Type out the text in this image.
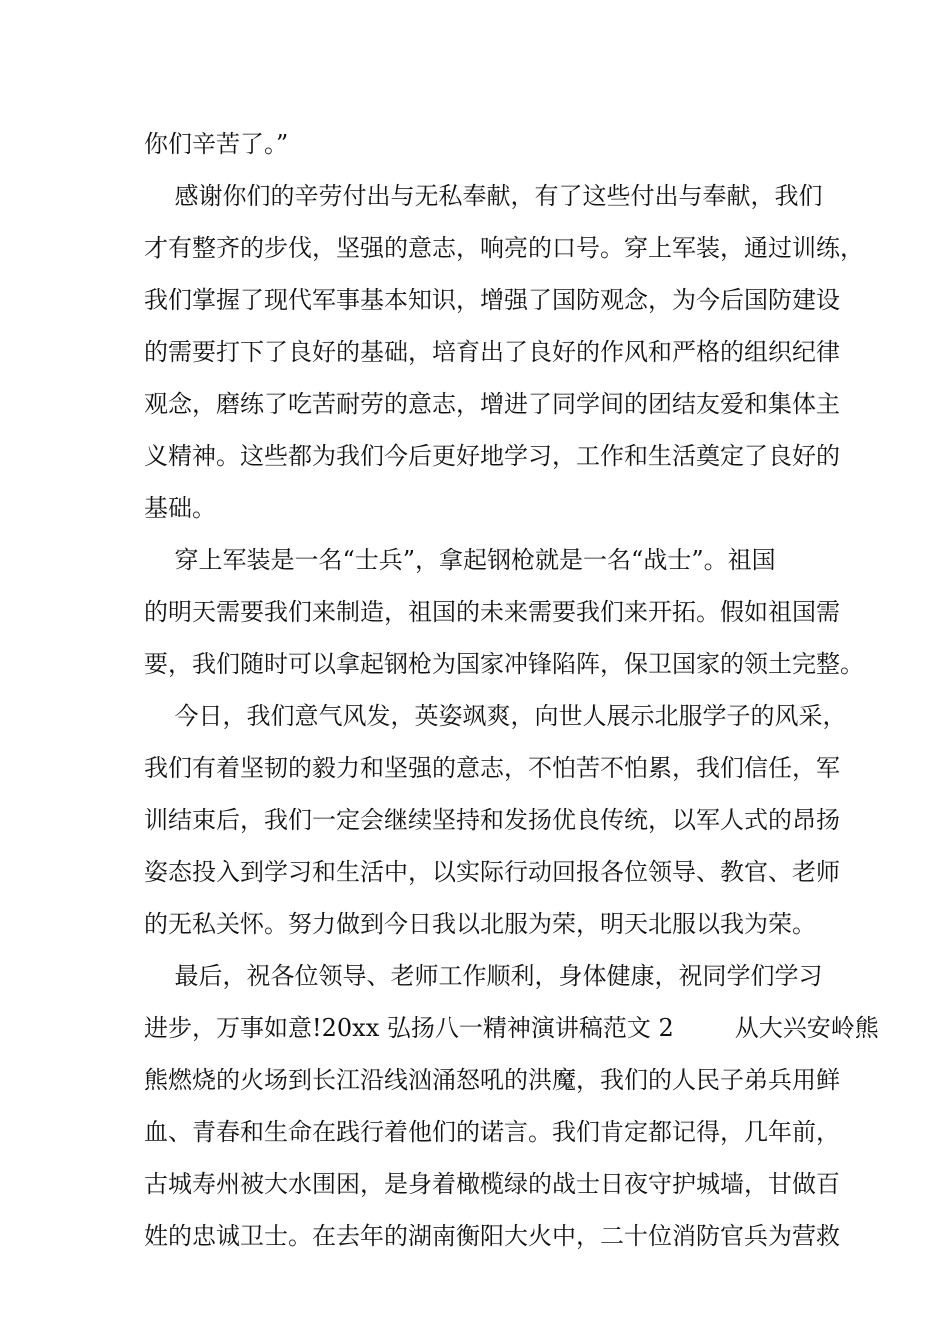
你们辛苦了。”
感谢你们的辛劳付出与无私奉献，有了这些付出与奉献，我们
才有整齐的步伐，坚强的意志，响亮的口号。穿上军装，通过训练，
我们掌握了现代军事基本知识，增强了国防观念，为今后国防建设
的需要打下了良好的基础，培育出了良好的作风和严格的组织纪律
观念，磨练了吃苦耐劳的意志，增进了同学间的团结友爱和集体主
义精神。这些都为我们今后更好地学习，工作和生活奠定了良好的
基础。
穿上军装是一名“士兵”，拿起钢枪就是一名“战士”。祖国
的明天需要我们来制造，祖国的未来需要我们来开拓。假如祖国需
要，我们随时可以拿起钢枪为国家冲锋陷阵，保卫国家的领土完整。
今日，我们意气风发，英姿飒爽，向世人展示北服学子的风采，
我们有着坚韧的毅力和坚强的意志，不怕苦不怕累，我们信任，军
训结束后，我们一定会继续坚持和发扬优良传统，以军人式的昂扬
姿态投入到学习和生活中，以实际行动回报各位领导、教官、老师
的无私关怀。努力做到今日我以北服为荣，明天北服以我为荣。
最后，祝各位领导、老师工作顺利，身体健康，祝同学们学习
进步，万事如意!20xx 弘扬八一精神演讲稿范文 2        从大兴安岭熊
熊燃烧的火场到长江沿线汹涌怒吼的洪魔，我们的人民子弟兵用鲜
血、青春和生命在践行着他们的诺言。我们肯定都记得，几年前，
古城寿州被大水围困，是身着橄榄绿的战士日夜守护城墙，甘做百
姓的忠诚卫士。在去年的湖南衡阳大火中，二十位消防官兵为营救
